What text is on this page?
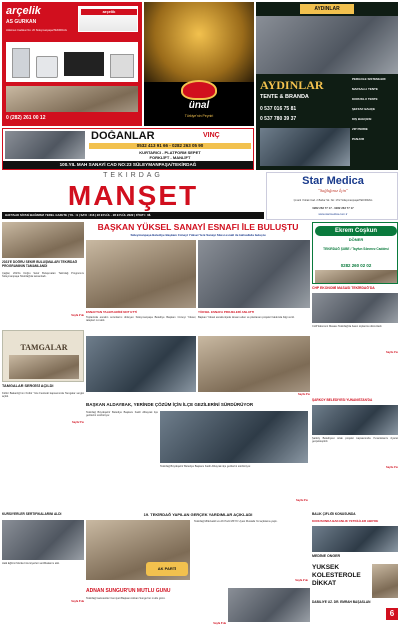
arçelik
AS GÜRKAN
Hükümet Caddesi No: 26 Süleymanpaşa/TEKİRDAĞ
arçelik
0 (282) 261 00 12
ünal
Türkiye'nin Peyniri
AYDINLAR
AYDINLAR
TENTE & BRANDA
PERGOLE SİSTEMLERİ
MAFSALLI TENTE
KÖRÜKLÜ TENTE
ŞEFFAF BAHÇE
KIŞ BAHÇESİ
ZİP PERDE
PANJUR
0 537 016 75 81
0 537 780 39 37
DOĞANLAR	VİNÇ
0532 413 91 66 - 0282 263 05 90
KURTARICI - PLATFORM SEPET
FORKLİFT - MANLİFT
100.YIL MAH SANAYİ CAD NO:23 SÜLEYMANPAŞA/TEKİRDAĞ
TEKİRDAĞ
MANŞET
HAFTALIK SİYASİ BAĞIMSIZ YEREL GAZETE | YIL : 9 | SAYI : 316 | 22 EYLÜL - 28 EYLÜL 2022 | FİYATI : 0₺
Star Medica
"Sağlığınız İçin"
Çınarlı Yolcak Cad. 2.Bahar Sk. No: 17/2 Süleymanpaşa/TEKİRDAĞ
0282 263 77 17 - 0282 263 77 17
www.starmedica.com.tr
BAŞKAN YÜKSEL SANAYİ ESNAFI İLE BULUŞTU
Süleymanpaşa Belediye Başkanı Cüneyt Yüksel Yeni Sanayi Sitesi esnafı ile kahvaltıda buluştu
ESNAFTAN TALEPLERİNİ NOT ETTİ
Toplantıda esnafın sorunlarını dinleyen Süleymanpaşa Belediye Başkanı Cüneyt Yüksel, talepleri not aldı.
YÜKSEL ESNAFA PROJELERİ ANLATTI
Başkan Yüksel esnafa ilçede devam eden ve planlanan projeler hakkında bilgi verdi.
Sayfa 3'te
Ekrem Coşkun
DÖNER
TEKİRDAĞ ŞUBE / Tayfun Sönmez Caddesi
0282 260 02 02
CHP EKONOMİ MASASI TEKİRDAĞ'DA
CHP Ekonomi Masası Tekirdağ'da basın toplantısı düzenledi.
Sayfa 4'te
ŞARKÖY BELEDİYESİ YUNANİSTAN'DA
Şarköy Belediyesi ortak projeler kapsamında Yunanistan'a ziyaret gerçekleştirdi.
Sayfa 4'te
2023'E DOĞRU SEKİR BULUŞMALARI TEKİRDAĞ PROGRAMININ TAMAMLANDI
Çağlar, 2023'e Doğru Sekir Buluşmaları Tekirdağ Programını Süleymanpaşa Tekirdağ'da tamamladı.
Sayfa 2'de
TAMGALAR
TAMGALAR SERGİSİ AÇILDI
Kültür Bakanlığı'nın Kültür Yolu Festivali kapsamında Tamgalar sergisi açıldı.
Sayfa 5'te
KURSİYERLER SERTİFİKALARINI ALDI
Halk Eğitimi Merkezi kursiyerleri sertifikalarını aldı.
Sayfa 6'da
BAŞKAN ALDAYBAK, YERİNDE ÇÖZÜM İÇİN İLÇE GEZİLERİNİ SÜRDÜRÜYOR
Tekirdağ Büyükşehir Belediye Başkanı Kadir Albayrak ilçe gezilerini sürdürüyor.
Tekirdağ Büyükşehir Belediye Başkanı Kadir Albayrak ilçe gezilerini sürdürüyor.
Sayfa 3'te
19. TEKİRDAĞ YAPILAN GERÇEK YARDIMLAR AÇIKLADI
AK PARTİ
Tekirdağ Milletvekili ve AK Parti MKYK Üyesi Mustafa Yel açıklama yaptı.
Sayfa 2'de
ADNAN SUNGUR'UN MUTLU GÜNÜ
Tekirdağ Gazeteciler Cemiyeti Başkanı Adnan Sungur'un mutlu günü.
Sayfa 6'da
BALIK ÇİFLİĞİ KONUSUNDA
KONUSUNDA BAKANLIK YETKİLİLER ABD'DE
MEDİNE ÖNGER
YÜKSEK KOLESTEROLE DİKKAT
DABİLİYE UZ. DR. EMRAH BAŞASLAN
6
